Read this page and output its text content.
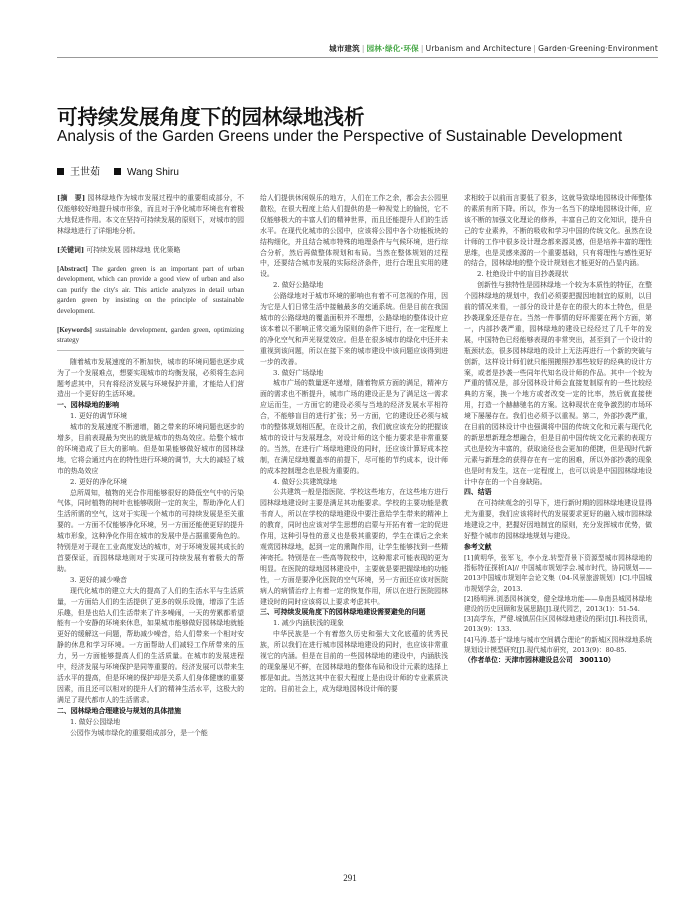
城市建筑 | 园林·绿化·环保 | Urbanism and Architecture | Garden·Greening·Environment
可持续发展角度下的园林绿地浅析
Analysis of the Garden Greens under the Perspective of Sustainable Development
王世茹	Wang Shiru

[摘　要] 园林绿地作为城市发展过程中的重要组成部分，不仅能够较好地提升城市形象，而且对于净化城市环境也有着极大地促进作用。本文在坚持可持续发展的原则下，对城市的园林绿地进行了详细地分析。

[关键词] 可持续发展 园林绿地 优化策略

[Abstract] The garden green is an important part of urban development, which can provide a good view of urban and also can purify the city's air. This article analyzes in detail urban garden green by insisting on the principle of sustainable development.

[Keywords] sustainable development, garden green, optimizing strategy

随着城市发展速度的不断加快，城市的环境问题也逐步成为了一个发展难点，想要实现城市的均衡发展，必须将生态问题考虑其中，只有将经济发展与环境保护并重，才能给人们营造出一个更好的生活环境。

一、园林绿地的影响

1. 更好的调节环境

城市的发展速度不断递增，随之带来的环境问题也逐步的增多，目前表现最为突出的就是城市的热岛效应。给整个城市的环境造成了巨大的影响。但是如果能够做好城市的园林绿地，它将会通过内在的特性进行环境的调节，大大的减轻了城市的热岛效应

2. 更好的净化环境

总所周知，植物的光合作用能够很好的降低空气中的污染气体，同时植物的树叶也能够吸附一定的灰尘，帮助净化人们生活所需的空气，这对于实现一个城市的可持续发展是至关重要的。一方面不仅能够净化环境，另一方面还能使更好的提升城市形象，这种净化作用在城市的发展中是占据重要角色的。特别是对于现在工业高度发达的城市，对于环境发展其成长的首要保证，而园林绿地则对于实现可持续发展有着极大的帮助。

3. 更好的减少噪音

现代化城市的建立大大的提高了人们的生活水平与生活质量，一方面给人们的生活提供了更多的娱乐设施，增添了生活乐趣，但是也给人们生活带来了许多噪闹，一天的劳累都希望能有一个安静的环境来休息，如果城市能够做好园林绿地就能更好的缓解这一问题，帮助减少噪音，给人们带来一个相对安静的休息和学习环境。一方面帮助人们减轻工作所带来的压力，另一方面能够提高人们的生活质量。在城市的发展进程中，经济发展与环境保护是同等重要的。经济发展可以带来生活水平的提高，但是环境的保护却是关系人们身体健康的重要因素，而且还可以相对的提升人们的精神生活水平，这极大的满足了现代都市人的生活需求。

二、园林绿地合理建设与规划的具体措施

1. 做好公园绿地

公园作为城市绿化的重要组成部分，是一个能

给人们提供休闲娱乐的地方，人们在工作之余，都会去公园里散松，在很大程度上给人们提供的是一种视觉上的愉悦，它不仅能够极大的丰富人们的精神世界，而且还能提升人们的生活水平。在现代化城市的公园中，应该将公园中各个功能板块的结构细化，并且结合城市特殊的地理条件与气候环境，进行综合分析，然后再做整体规划和布局。当然在整体规划的过程中，还要结合城市发展的实际经济条件，进行合理且实用的建设。

2. 做好公路绿地

公路绿地对于城市环境的影响也有着不可忽视的作用，因为它是人们日常生活中接触最多的交通系统。但是目前在我国城市的公路绿地的覆盖面积并不理想，公路绿地的整体设计应该本着以不影响正常交通为原则的条件下进行，在一定程度上的净化空气和声光视觉效应。但是在很多城市的绿化中还并未重视到该问题，所以在接下来的城市建设中该问题应该得到进一步的改善。

3. 做好广场绿地

城市广场的数量逐年递增，随着物质方面的满足，精神方面的需求也不断提升，城市广场的建设正是为了满足这一需求应运而生，一方面它的建设必须与当地的经济发展水平相符合，不能够盲目的进行扩张；另一方面，它的建设还必须与城市的整体规划相匹配，在设计之前，我们就应该充分的把握该城市的设计与发展理念，对设计师的这个能力要求是非常重要的。当然，在进行广场绿地建设的同时，还应该计算好成本控制，在满足绿地覆盖率的前提下，尽可能的节约成本，设计师的成本控制理念也是极为重要的。

4. 做好公共建筑绿地

公共建筑一般是指医院、学校这些地方，在这些地方进行园林绿地建设时主要是满足其功能要求。学校的主要功能是教书育人，所以在学校的绿地建设中要注意给学生带来的精神上的教育，同时也应该对学生思想的启蒙与开拓有着一定的促进作用，这种引导性的意义也是极其重要的，学生在课后之余来观赏园林绿地，起到一定的熏陶作用，让学生能够找到一些精神寄托。特别是在一些高等院校中，这种需求可能表现的更为明显。在医院的绿地园林建设中，主要就是要把握绿地的功能性，一方面是要净化医院的空气环境，另一方面还应该对医院病人的病情治疗上有着一定的恢复作用，所以在进行医院园林建设时的同时应该将以上要求考虑其中。

三、可持续发展角度下的园林绿地建设需要避免的问题

1. 减少内涵肤浅的现象

中华民族是一个有着悠久历史和强大文化底蕴的优秀民族，所以我们在进行城市园林绿地建设的同时，也应该非常重视它的内涵。但是在目前的一些园林绿地的建设中，内涵肤浅的现象屡见不鲜，在园林绿地的整体布局和设计元素的选择上都是如此。当然这其中在很大程度上是由设计师的专业素质决定的。目前社会上，成为绿地园林设计师的要

求相较于以前而言要低了很多，这就导致绿地园林设计师整体的素质有所下降。所以，作为一名当下的绿地园林设计师，应该不断的加强文化理论的修养，丰富自己的文化知识，提升自己的专业素养，不断的吸收和学习中国的传统文化。虽然在设计师的工作中很多设计理念都来源灵感，但是培养丰富的理性思维，也是灵感来源的一个重要基础，只有将理性与感性更好的结合，园林绿地的整个设计规划也才能更好的凸显内涵。

2. 杜绝设计中的盲目抄袭现状

创新性与独特性是园林绿地一个较为本质性的特征，在整个园林绿地的规划中，我们必须要把握因地制宜的原则，以目前的情况来看，一部分的设计是存在的很大的本土特色，但是抄袭现象还是存在。当然一件事情的好坏需要在两个方面，第一，内部抄袭严重，园林绿地的建设已经经过了几千年的发展，中国特色已经能够表现的非常突出，甚至到了一个设计的瓶颈状态，很多园林绿地的设计上无法再进行一个新的突破与创新，这样设计师们就只能照搬照抄那些较好的经典的设计方案，或者是抄袭一些同年代知名设计师的作品。其中一个较为严重的情况是，部分园林设计师会直接复制原有的一些比较经典的方案，换一个地方或者改变一定的比率，然后就直接使用，打造一个赫赫驰名的方案。这种现状在竞争激烈的市场环境下屡屡存在。我们也必须予以重视。第二，外部抄袭严重，在目前的园林设计中也强调将中国的传统文化和元素与现代化的新思想新理念想融合，但是目前中国传统文化元素的表现方式也是较为丰富的，获取途径也会更加的便捷，但是现时代新元素与新理念的获得存在有一定的困难，所以外部抄袭的现象也是时有发生，这在一定程度上，也可以说是中国园林绿地设计中存在的一个自身缺陷。

四、结语

在可持续观念的引导下，进行新时期的园林绿地建设显得尤为重要，我们应该将时代的发展要求更好的融入城市园林绿地建设之中，把握好因地制宜的原则，充分发挥城市优势，做好整个城市的园林绿地规划与建设。

参考文献

[1]黄明华，张军飞，李小龙.转型背景下资源型城市园林绿地的指标特征探析[A]// 中国城市规划学会.城市时代，协同规划——2013中国城市规划年会论文集（04-风景旅游规划）[C].中国城市规划学会，2013.

[2]杨明洲.浏悉园林演变，健全绿地功能——阜南县城园林绿地建设的历史回顾和发展思路[J].现代园艺，2013(1)：51-54.

[3]高学东，严健.城镇居住区园林绿地建设的探讨[J].科技资讯，2013(9)：133.

[4]马涛.基于“绿地与城市空间耦合理论”的新城区园林绿地系统规划设计模型研究[J].现代城市研究，2013(9)：80-85.

（作者单位：天津市园林建设总公司　300110）

291
